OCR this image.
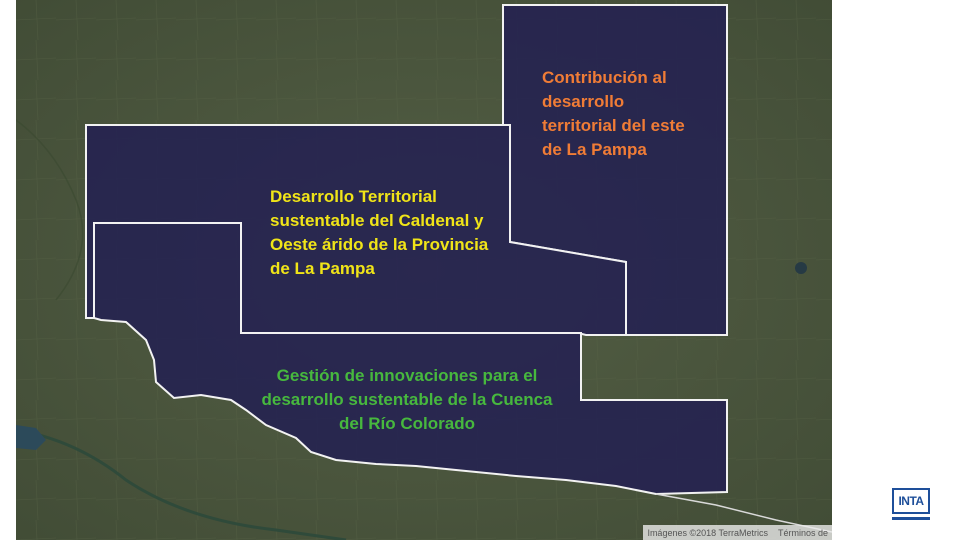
Contribución al desarrollo territorial del este de La Pampa
Desarrollo Territorial sustentable del Caldenal y Oeste árido de la Provincia de La Pampa
Gestión de innovaciones para el desarrollo sustentable de la Cuenca del Río Colorado
Imágenes ©2018 TerraMetrics Términos de
INTA
